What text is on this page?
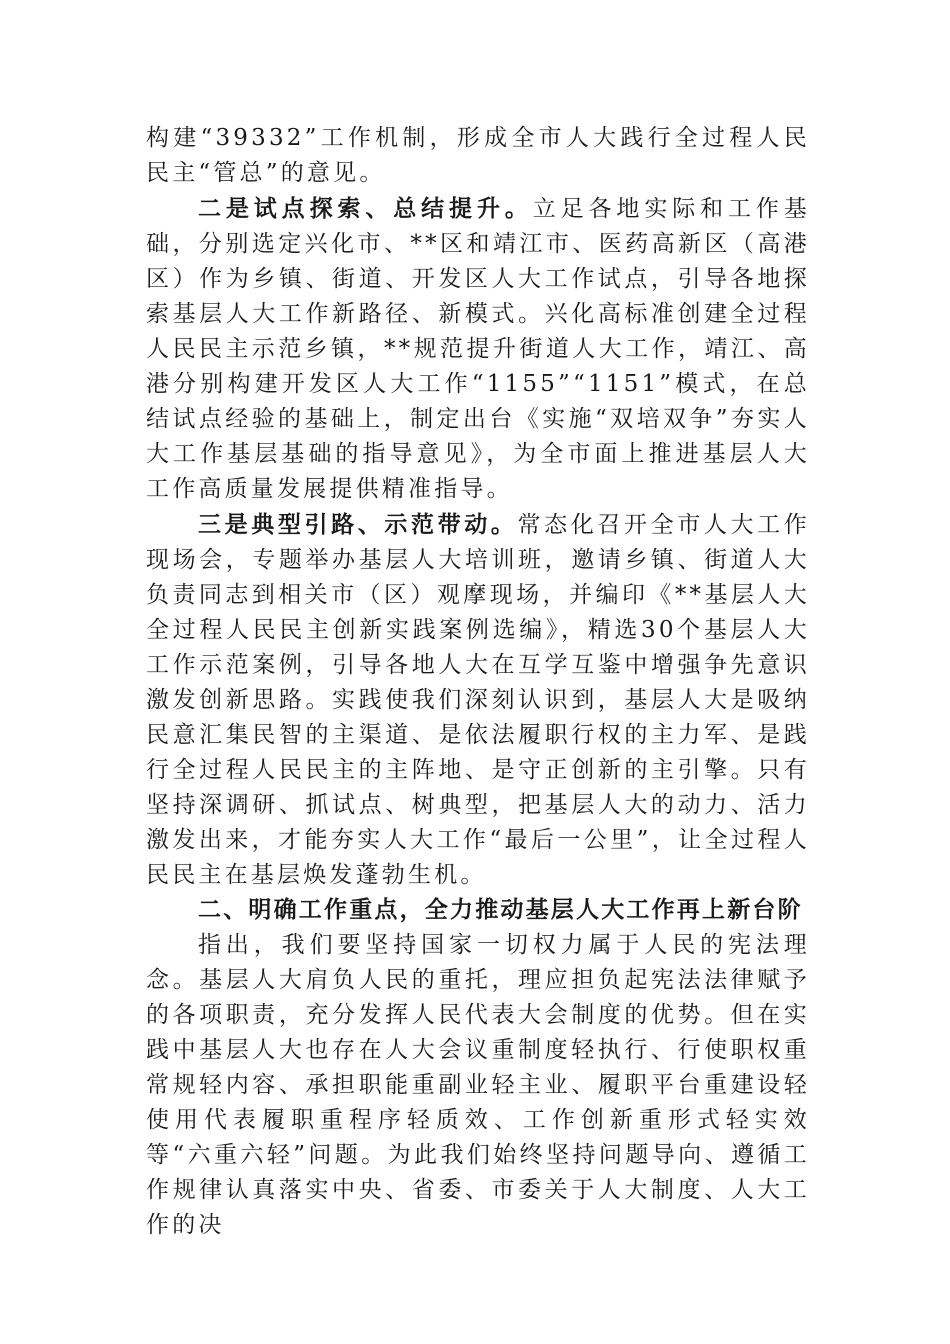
构建“39332”工作机制，形成全市人大践行全过程人民民主“管总”的意见。

二是试点探索、总结提升。立足各地实际和工作基础，分别选定兴化市、**区和靖江市、医药高新区（高港区）作为乡镇、街道、开发区人大工作试点，引导各地探索基层人大工作新路径、新模式。兴化高标准创建全过程人民民主示范乡镇，**规范提升街道人大工作，靖江、高港分别构建开发区人大工作“1155”“1151”模式，在总结试点经验的基础上，制定出台《实施“双培双争”夯实人大工作基层基础的指导意见》，为全市面上推进基层人大工作高质量发展提供精准指导。

三是典型引路、示范带动。常态化召开全市人大工作现场会，专题举办基层人大培训班，邀请乡镇、街道人大负责同志到相关市（区）观摩现场，并编印《**基层人大全过程人民民主创新实践案例选编》，精选30个基层人大工作示范案例，引导各地人大在互学互鉴中增强争先意识激发创新思路。实践使我们深刻认识到，基层人大是吸纳民意汇集民智的主渠道、是依法履职行权的主力军、是践行全过程人民民主的主阵地、是守正创新的主引擎。只有坚持深调研、抓试点、树典型，把基层人大的动力、活力激发出来，才能夯实人大工作“最后一公里”，让全过程人民民主在基层焕发蓬勃生机。

二、明确工作重点，全力推动基层人大工作再上新台阶

指出，我们要坚持国家一切权力属于人民的宪法理念。基层人大肩负人民的重托，理应担负起宪法法律赋予的各项职责，充分发挥人民代表大会制度的优势。但在实践中基层人大也存在人大会议重制度轻执行、行使职权重常规轻内容、承担职能重副业轻主业、履职平台重建设轻使用代表履职重程序轻质效、工作创新重形式轻实效等“六重六轻”问题。为此我们始终坚持问题导向、遵循工作规律认真落实中央、省委、市委关于人大制度、人大工作的决
